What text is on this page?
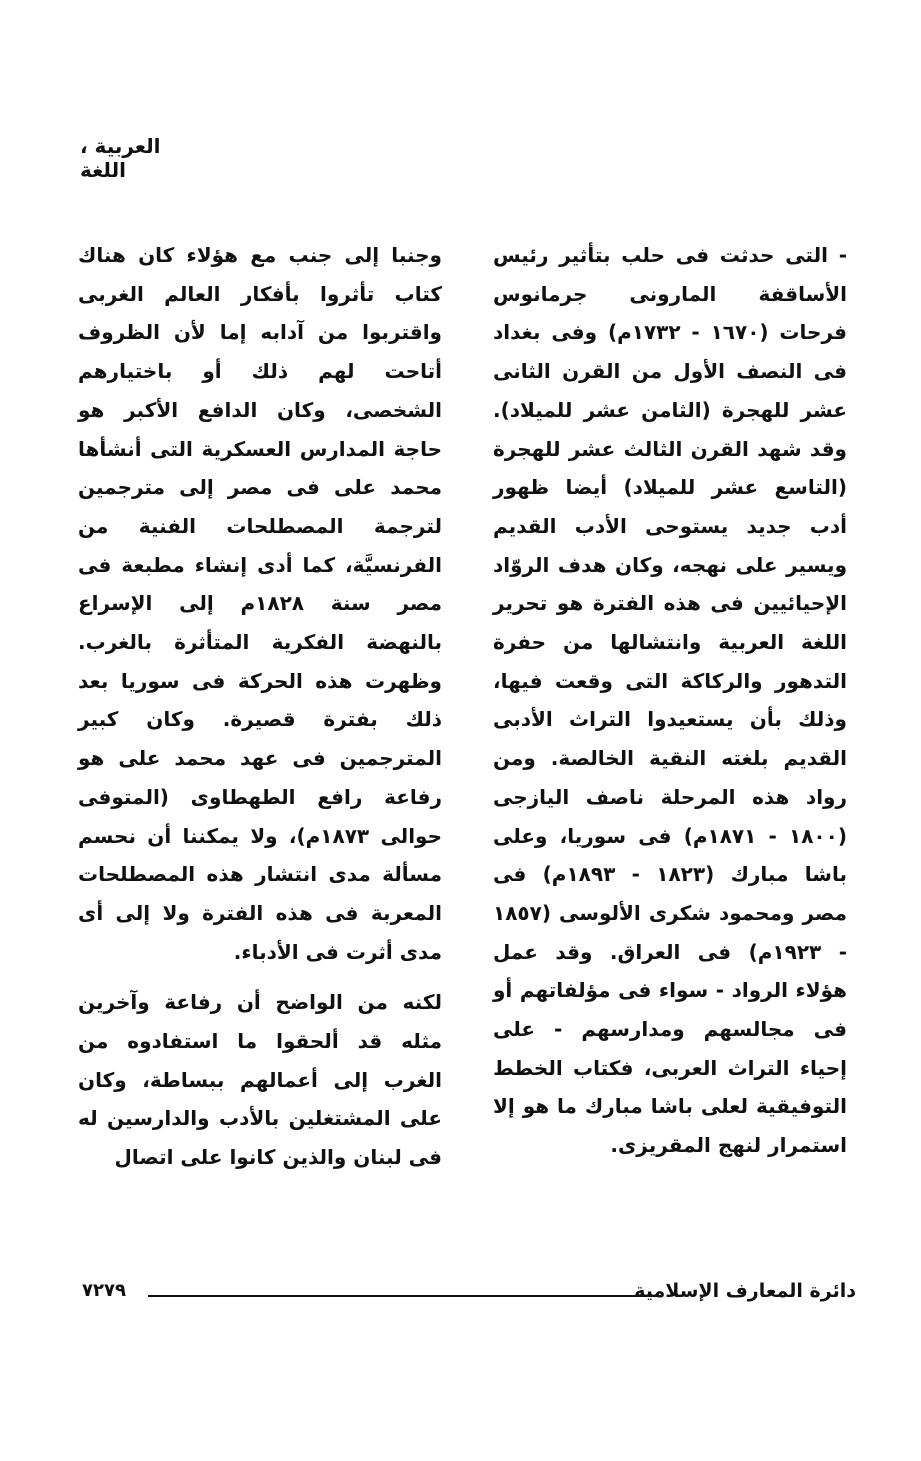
العربية ، اللغة

- التى حدثت فى حلب بتأثير رئيس الأساقفة المارونى جرمانوس فرحات (١٦٧٠ - ١٧٣٢م) وفى بغداد فى النصف الأول من القرن الثانى عشر للهجرة (الثامن عشر للميلاد). وقد شهد القرن الثالث عشر للهجرة (التاسع عشر للميلاد) أيضا ظهور أدب جديد يستوحى الأدب القديم ويسير على نهجه، وكان هدف الروّاد الإحيائيين فى هذه الفترة هو تحرير اللغة العربية وانتشالها من حفرة التدهور والركاكة التى وقعت فيها، وذلك بأن يستعيدوا التراث الأدبى القديم بلغته النقية الخالصة. ومن رواد هذه المرحلة ناصف اليازجى (١٨٠٠ - ١٨٧١م) فى سوريا، وعلى باشا مبارك (١٨٢٣ - ١٨٩٣م) فى مصر ومحمود شكرى الألوسى (١٨٥٧ - ١٩٢٣م) فى العراق. وقد عمل هؤلاء الرواد - سواء فى مؤلفاتهم أو فى مجالسهم ومدارسهم - على إحياء التراث العربى، فكتاب الخطط التوفيقية لعلى باشا مبارك ما هو إلا استمرار لنهج المقريزى.

وجنبا إلى جنب مع هؤلاء كان هناك كتاب تأثروا بأفكار العالم الغربى واقتربوا من آدابه إما لأن الظروف أتاحت لهم ذلك أو باختيارهم الشخصى، وكان الدافع الأكبر هو حاجة المدارس العسكرية التى أنشأها محمد على فى مصر إلى مترجمين لترجمة المصطلحات الفنية من الفرنسيَّة، كما أدى إنشاء مطبعة فى مصر سنة ١٨٢٨م إلى الإسراع بالنهضة الفكرية المتأثرة بالغرب. وظهرت هذه الحركة فى سوريا بعد ذلك بفترة قصيرة. وكان كبير المترجمين فى عهد محمد على هو رفاعة رافع الطهطاوى (المتوفى حوالى ١٨٧٣م)، ولا يمكننا أن نحسم مسألة مدى انتشار هذه المصطلحات المعربة فى هذه الفترة ولا إلى أى مدى أثرت فى الأدباء.

لكنه من الواضح أن رفاعة وآخرين مثله قد ألحقوا ما استفادوه من الغرب إلى أعمالهم ببساطة، وكان على المشتغلين بالأدب والدارسين له فى لبنان والذين كانوا على اتصال

دائرة المعارف الإسلامية
٧٢٧٩
